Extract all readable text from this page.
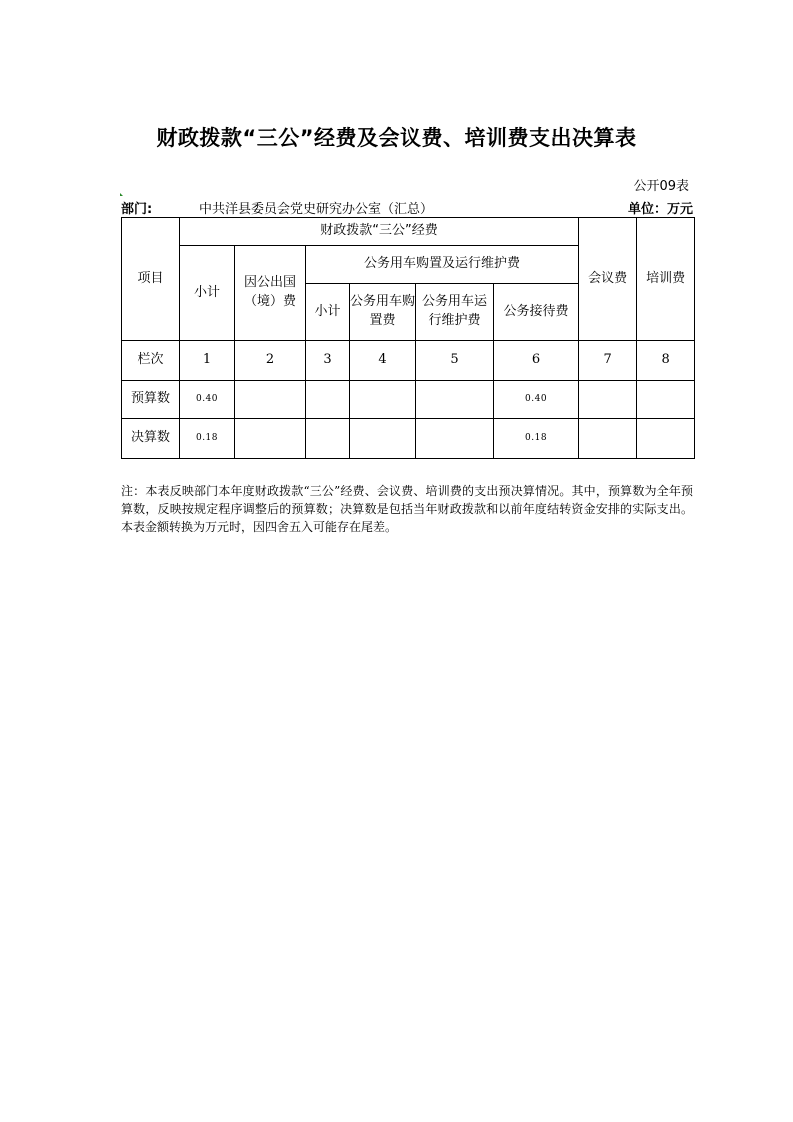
财政拨款“三公”经费及会议费、培训费支出决算表
公开09表
部门:	中共洋县委员会党史研究办公室（汇总）	单位：万元
项目	财政拨款“三公”经费						会议费	培训费
	小计	因公出国（境）费	公务用车购置及运行维护费					
			小计	公务用车购置费	公务用车运行维护费	公务接待费		
栏次	1	2	3	4	5	6	7	8
预算数	0.40					0.40		
决算数	0.18					0.18		
注：本表反映部门本年度财政拨款“三公”经费、会议费、培训费的支出预决算情况。其中，预算数为全年预算数，反映按规定程序调整后的预算数；决算数是包括当年财政拨款和以前年度结转资金安排的实际支出。本表金额转换为万元时，因四舍五入可能存在尾差。
